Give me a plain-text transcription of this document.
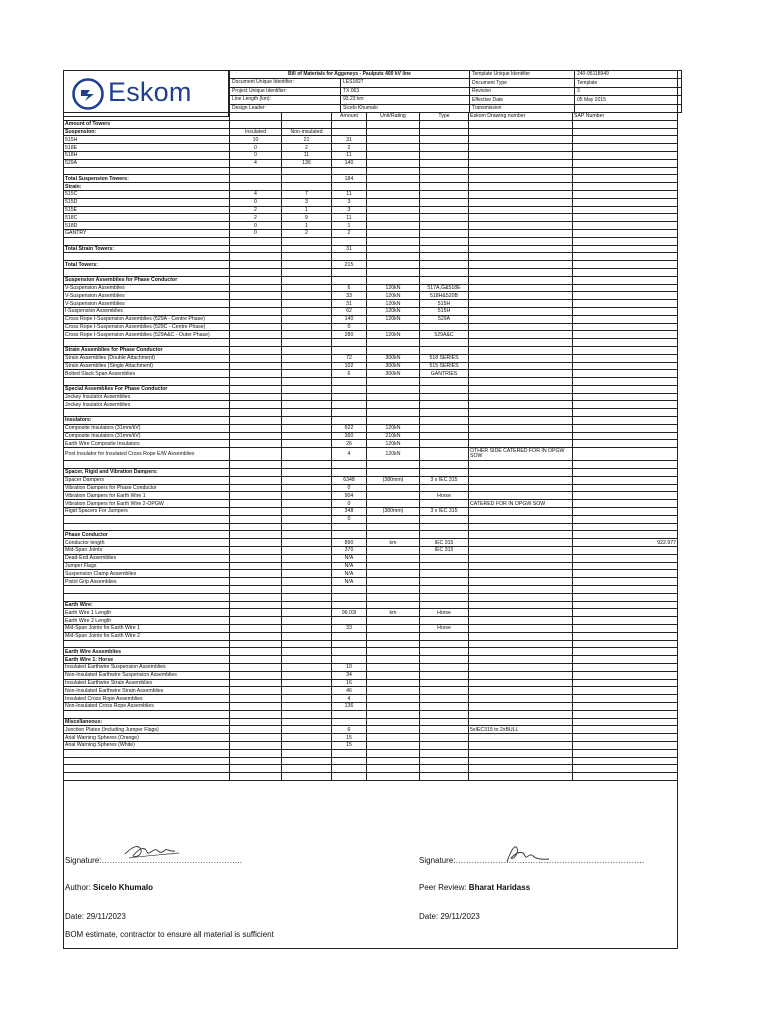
Eskom
Bill of Materials for Aggeneys - Paulputs 400 kV line	Template Unique Identifier	240-95118949

Document Unique Identifier: LES1827	Document Type	Template

Project Unique Identifier: TX.063	Revision	3

Line Length (km): 93.23 km	Effective Date	05 May 2015

Design Leader: Sicelo Khumalo	Transmission	
			Amount	Unit/Rating	Type	Eskom Drawing number	SAP Number
Amount of Towers							
Suspension:	Insulated	Non-insulated					
515H	10	21	31				
518E	0	2	2				
518H	0	11	11				
529A	4	136	140				

Total Suspension Towers:			184				
Strain:							
515C	4	7	11				
515D	0	3	3				
515E	2	1	3				
518C	2	9	11				
518D	0	1	1				
GANTRY	0	2	2				

Total Strain Towers:			31				

Total Towers:			215				

Suspension Assemblies for Phase Conductor							
V-Suspension Assemblies			6	120kN	517A,G&518E		
V-Suspension Assemblies			33	120kN	518H&520B		
V-Suspension Assemblies			31	120kN	515H		
I-Suspension Assemblies			62	120kN	515H		
Cross Rope I-Suspension Assemblies (529A - Centre Phase)			140	120kN	529A		
Cross Rope I-Suspension Assemblies (529C - Centre Phase)			0				
Cross Rope I-Suspension Assemblies (529A&C - Outer Phase)			280	120kN	529A&C		

Strain Assemblies for Phase Conductor							
Strain Assemblies (Double Attachment)			72	300kN	518 SERIES		
Strain Assemblies (Single Attachment)			102	300kN	515 SERIES		
Bolted Slack Span Assemblies			6	300kN	GANTRIES		

Special Assemblies For Phase Conductor							
Jockey Insulator Assemblies							
Jockey Insulator Assemblies							

Insulators:							
Composite Insulators (31mm/kV)			622	120kN			
Composite Insulators (31mm/kV)			360	210kN			
Earth Wire Composite Insulators			26	120kN			
Post Insulator for Insulated Cross Rope E/W Assemblies			4	120kN		OTHER SIDE CATERED FOR IN OPGW SOW	

Spacer, Rigid and Vibration Dampers:							
Spacer Dampers			6348	(380mm)	3 x IEC 315		
Vibration Dampers for Phase Conductor			0				
Vibration Dampers for Earth Wire 1			904		Horse		
Vibration Dampers for Earth Wire 2-OPGW			0			CATERED FOR IN OPGW SOW	
Rigid Spacers For Jumpers			348	(380mm)	3 x IEC 315		
			0				

Phase Conductor							
Conductor length			890	km	IEC 315		922.977
Mid-Span Joints			370		IEC 315		
Dead-End Assemblies			N/A				
Jumper Flags			N/A				
Suspension Clamp Assemblies			N/A				
Pistol Grip Assemblies			N/A				

Earth Wire:							
Earth Wire 1 Length			96.03l	km	Horse		
Earth Wire 2 Length							
Mid-Span Joints for Earth Wire 1			33		Horse		
Mid-Span Joints for Earth Wire 2							

Earth Wire Assemblies							
Earth Wire 1: Horse							
Insulated Earthwire Suspension Assemblies			10				
Non-Insulated Earthwire Suspension Assemblies			34				
Insulated Earthwire Strain Assemblies			16				
Non-Insulated Earthwire Strain Assemblies			46				
Insulated Cross Rope Assemblies			4				
Non-Insulated Cross Rope Assemblies			136				

Miscellaneous:							
Junction Plates (Including Jumper Flags)			6			5xIEC315 to 2xBULL	
Arial Warning Spheres (Orange)			15				
Arial Warning Spheres (White)			15				

Signature:……………………………………………..	Signature:……………………………………………………………..
Author: Sicelo Khumalo	Peer Review: Bharat Haridass
Date: 29/11/2023	Date: 29/11/2023
BOM estimate, contractor to ensure all material is sufficient
